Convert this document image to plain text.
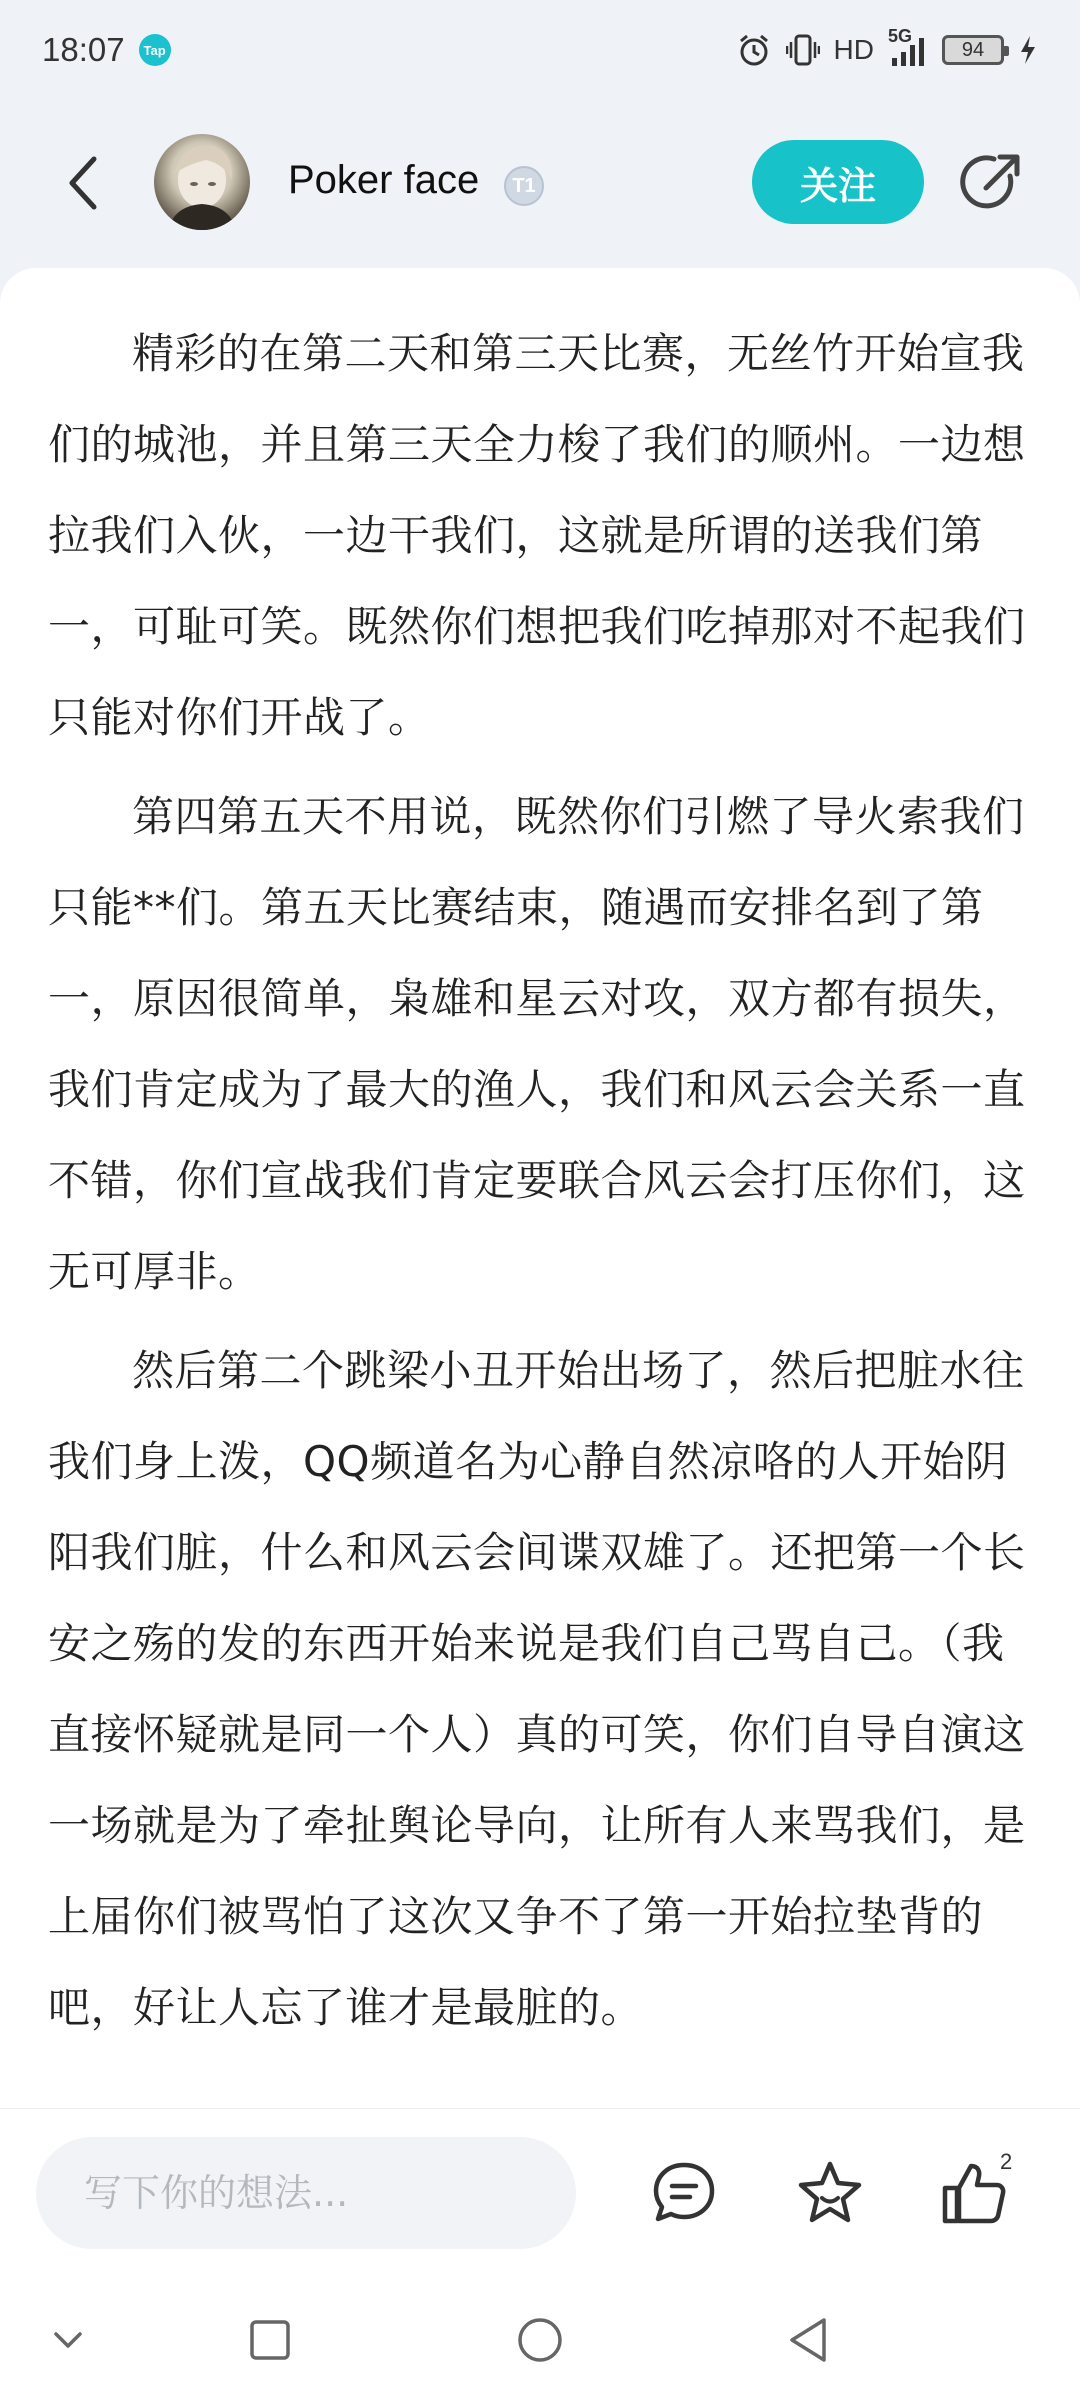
18:07	Tap	HD 5G
94
Poker face	T1	关注

精彩的在第二天和第三天比赛，无丝竹开始宣我们的城池，并且第三天全力梭了我们的顺州。一边想拉我们入伙，一边干我们，这就是所谓的送我们第一，可耻可笑。既然你们想把我们吃掉那对不起我们只能对你们开战了。

第四第五天不用说，既然你们引燃了导火索我们只能**们。第五天比赛结束，随遇而安排名到了第一，原因很简单，枭雄和星云对攻，双方都有损失，我们肯定成为了最大的渔人，我们和风云会关系一直不错，你们宣战我们肯定要联合风云会打压你们，这无可厚非。

然后第二个跳梁小丑开始出场了，然后把脏水往我们身上泼，QQ频道名为心静自然凉咯的人开始阴阳我们脏，什么和风云会间谍双雄了。还把第一个长安之殇的发的东西开始来说是我们自己骂自己。（我直接怀疑就是同一个人）真的可笑，你们自导自演这一场就是为了牵扯舆论导向，让所有人来骂我们，是上届你们被骂怕了这次又争不了第一开始拉垫背的吧，好让人忘了谁才是最脏的。

写下你的想法...
2
